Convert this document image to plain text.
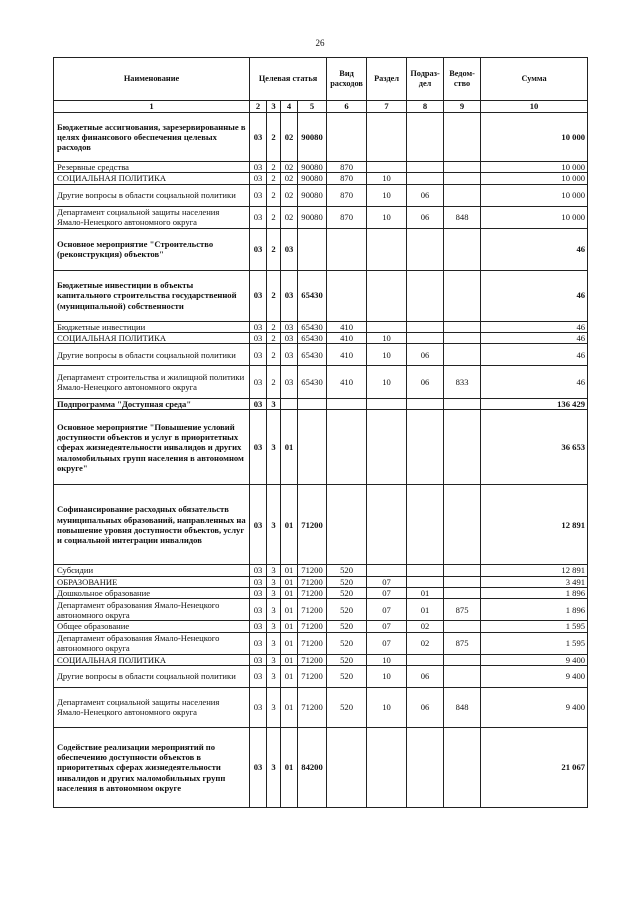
26
Наименование	Целевая статья				Вид расходов	Раздел	Подраз-дел	Ведом-ство	Сумма
1	2	3	4	5	6	7	8	9	10
Бюджетные ассигнования, зарезервированные в целях финансового обеспечения целевых расходов	03	2	02	90080					10 000
Резервные средства	03	2	02	90080	870				10 000
СОЦИАЛЬНАЯ ПОЛИТИКА	03	2	02	90080	870	10			10 000
Другие вопросы в области социальной политики	03	2	02	90080	870	10	06		10 000
Департамент социальной защиты населения Ямало-Ненецкого автономного округа	03	2	02	90080	870	10	06	848	10 000
Основное мероприятие "Строительство (реконструкция) объектов"	03	2	03						46
Бюджетные инвестиции в объекты капитального строительства государственной (муниципальной) собственности	03	2	03	65430					46
Бюджетные инвестиции	03	2	03	65430	410				46
СОЦИАЛЬНАЯ ПОЛИТИКА	03	2	03	65430	410	10			46
Другие вопросы в области социальной политики	03	2	03	65430	410	10	06		46
Департамент строительства и жилищной политики Ямало-Ненецкого автономного округа	03	2	03	65430	410	10	06	833	46
Подпрограмма "Доступная среда"	03	3							136 429
Основное мероприятие "Повышение условий доступности объектов и услуг в приоритетных сферах жизнедеятельности инвалидов и других маломобильных групп населения в автономном округе"	03	3	01						36 653
Софинансирование расходных обязательств муниципальных образований, направленных на повышение уровня доступности объектов, услуг и социальной интеграции инвалидов	03	3	01	71200					12 891
Субсидии	03	3	01	71200	520				12 891
ОБРАЗОВАНИЕ	03	3	01	71200	520	07			3 491
Дошкольное образование	03	3	01	71200	520	07	01		1 896
Департамент образования Ямало-Ненецкого автономного округа	03	3	01	71200	520	07	01	875	1 896
Общее образование	03	3	01	71200	520	07	02		1 595
Департамент образования Ямало-Ненецкого автономного округа	03	3	01	71200	520	07	02	875	1 595
СОЦИАЛЬНАЯ ПОЛИТИКА	03	3	01	71200	520	10			9 400
Другие вопросы в области социальной политики	03	3	01	71200	520	10	06		9 400
Департамент социальной защиты населения Ямало-Ненецкого автономного округа	03	3	01	71200	520	10	06	848	9 400
Содействие реализации мероприятий по обеспечению доступности объектов в приоритетных сферах жизнедеятельности инвалидов и других маломобильных групп населения в автономном округе	03	3	01	84200					21 067
